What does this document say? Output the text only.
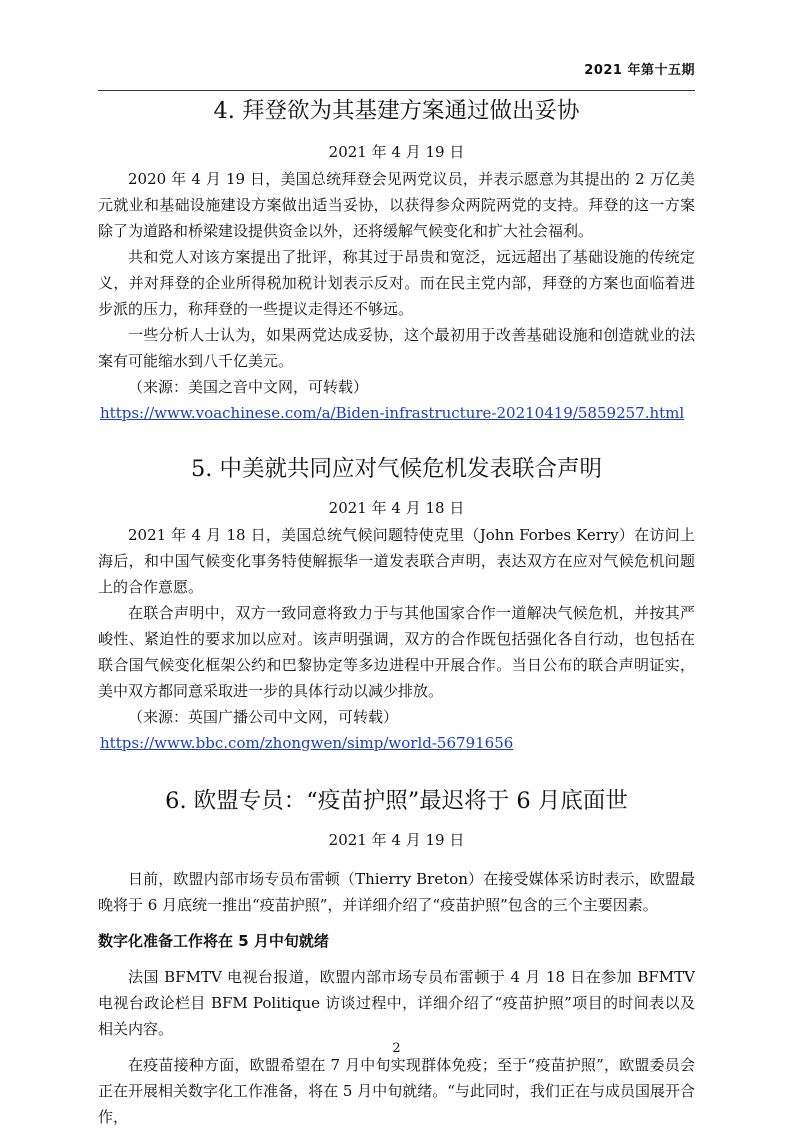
2021 年第十五期
4. 拜登欲为其基建方案通过做出妥协
2021 年 4 月 19 日

2020 年 4 月 19 日，美国总统拜登会见两党议员，并表示愿意为其提出的 2 万亿美元就业和基础设施建设方案做出适当妥协，以获得参众两院两党的支持。拜登的这一方案除了为道路和桥梁建设提供资金以外，还将缓解气候变化和扩大社会福利。

共和党人对该方案提出了批评，称其过于昂贵和宽泛，远远超出了基础设施的传统定义，并对拜登的企业所得税加税计划表示反对。而在民主党内部，拜登的方案也面临着进步派的压力，称拜登的一些提议走得还不够远。

一些分析人士认为，如果两党达成妥协，这个最初用于改善基础设施和创造就业的法案有可能缩水到八千亿美元。

（来源：美国之音中文网，可转载）

https://www.voachinese.com/a/Biden-infrastructure-20210419/5859257.html
5. 中美就共同应对气候危机发表联合声明
2021 年 4 月 18 日

2021 年 4 月 18 日，美国总统气候问题特使克里（John Forbes Kerry）在访问上海后，和中国气候变化事务特使解振华一道发表联合声明，表达双方在应对气候危机问题上的合作意愿。

在联合声明中，双方一致同意将致力于与其他国家合作一道解决气候危机，并按其严峻性、紧迫性的要求加以应对。该声明强调，双方的合作既包括强化各自行动，也包括在联合国气候变化框架公约和巴黎协定等多边进程中开展合作。当日公布的联合声明证实，美中双方都同意采取进一步的具体行动以减少排放。

（来源：英国广播公司中文网，可转载）

https://www.bbc.com/zhongwen/simp/world-56791656
6. 欧盟专员：“疫苗护照”最迟将于 6 月底面世
2021 年 4 月 19 日

日前，欧盟内部市场专员布雷顿（Thierry Breton）在接受媒体采访时表示，欧盟最晚将于 6 月底统一推出“疫苗护照”，并详细介绍了“疫苗护照”包含的三个主要因素。

数字化准备工作将在 5 月中旬就绪

法国 BFMTV 电视台报道，欧盟内部市场专员布雷顿于 4 月 18 日在参加 BFMTV 电视台政论栏目 BFM Politique 访谈过程中，详细介绍了“疫苗护照”项目的时间表以及相关内容。

在疫苗接种方面，欧盟希望在 7 月中旬实现群体免疫；至于“疫苗护照”，欧盟委员会正在开展相关数字化工作准备，将在 5 月中旬就绪。“与此同时，我们正在与成员国展开合作，

2
